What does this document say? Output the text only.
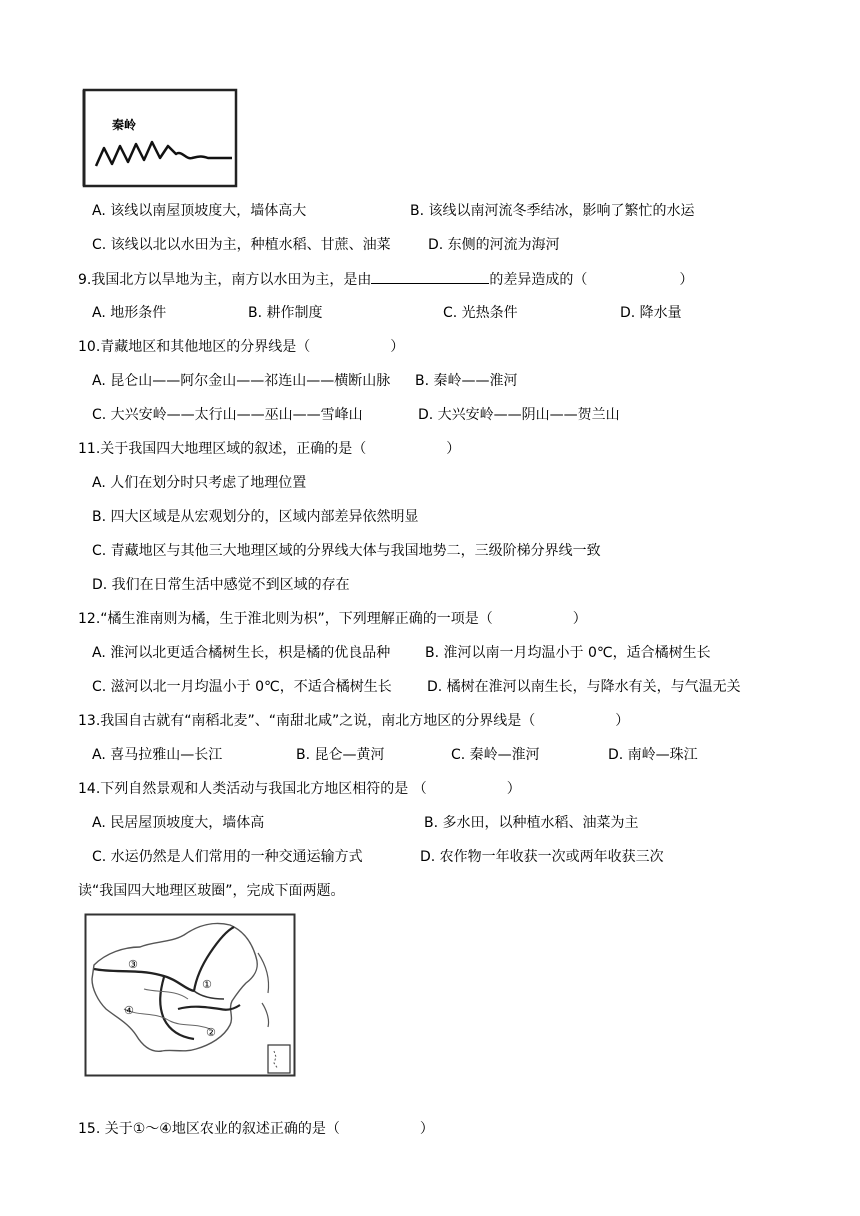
秦岭
A. 该线以南屋顶坡度大，墙体高大	B. 该线以南河流冬季结冰，影响了繁忙的水运
C. 该线以北以水田为主，种植水稻、甘蔗、油菜	D. 东侧的河流为海河
9.我国北方以旱地为主，南方以水田为主，是由	的差异造成的（	）
A. 地形条件	B. 耕作制度	C. 光热条件	D. 降水量
10.青藏地区和其他地区的分界线是（	）
A. 昆仑山——阿尔金山——祁连山——横断山脉 B. 秦岭——淮河
C. 大兴安岭——太行山——巫山——雪峰山	D. 大兴安岭——阴山——贺兰山
11.关于我国四大地理区域的叙述，正确的是（	）
A. 人们在划分时只考虑了地理位置
B. 四大区域是从宏观划分的，区域内部差异依然明显
C. 青藏地区与其他三大地理区域的分界线大体与我国地势二，三级阶梯分界线一致
D. 我们在日常生活中感觉不到区域的存在
12.“橘生淮南则为橘，生于淮北则为枳”，下列理解正确的一项是（	）
A. 淮河以北更适合橘树生长，枳是橘的优良品种 B. 淮河以南一月均温小于 0℃，适合橘树生长
C. 滋河以北一月均温小于 0℃，不适合橘树生长	D. 橘树在淮河以南生长，与降水有关，与气温无关
13.我国自古就有“南稻北麦”、“南甜北咸”之说，南北方地区的分界线是（	）
A. 喜马拉雅山—长江	B. 昆仑—黄河	C. 秦岭—淮河	D. 南岭—珠江
14.下列自然景观和人类活动与我国北方地区相符的是 （	）
A. 民居屋顶坡度大，墙体高	B. 多水田，以种植水稻、油菜为主
C. 水运仍然是人们常用的一种交通运输方式	D. 农作物一年收获一次或两年收获三次
读“我国四大地理区玻圈”，完成下面两题。
①
②
③
④
15. 关于①～④地区农业的叙述正确的是（	）
